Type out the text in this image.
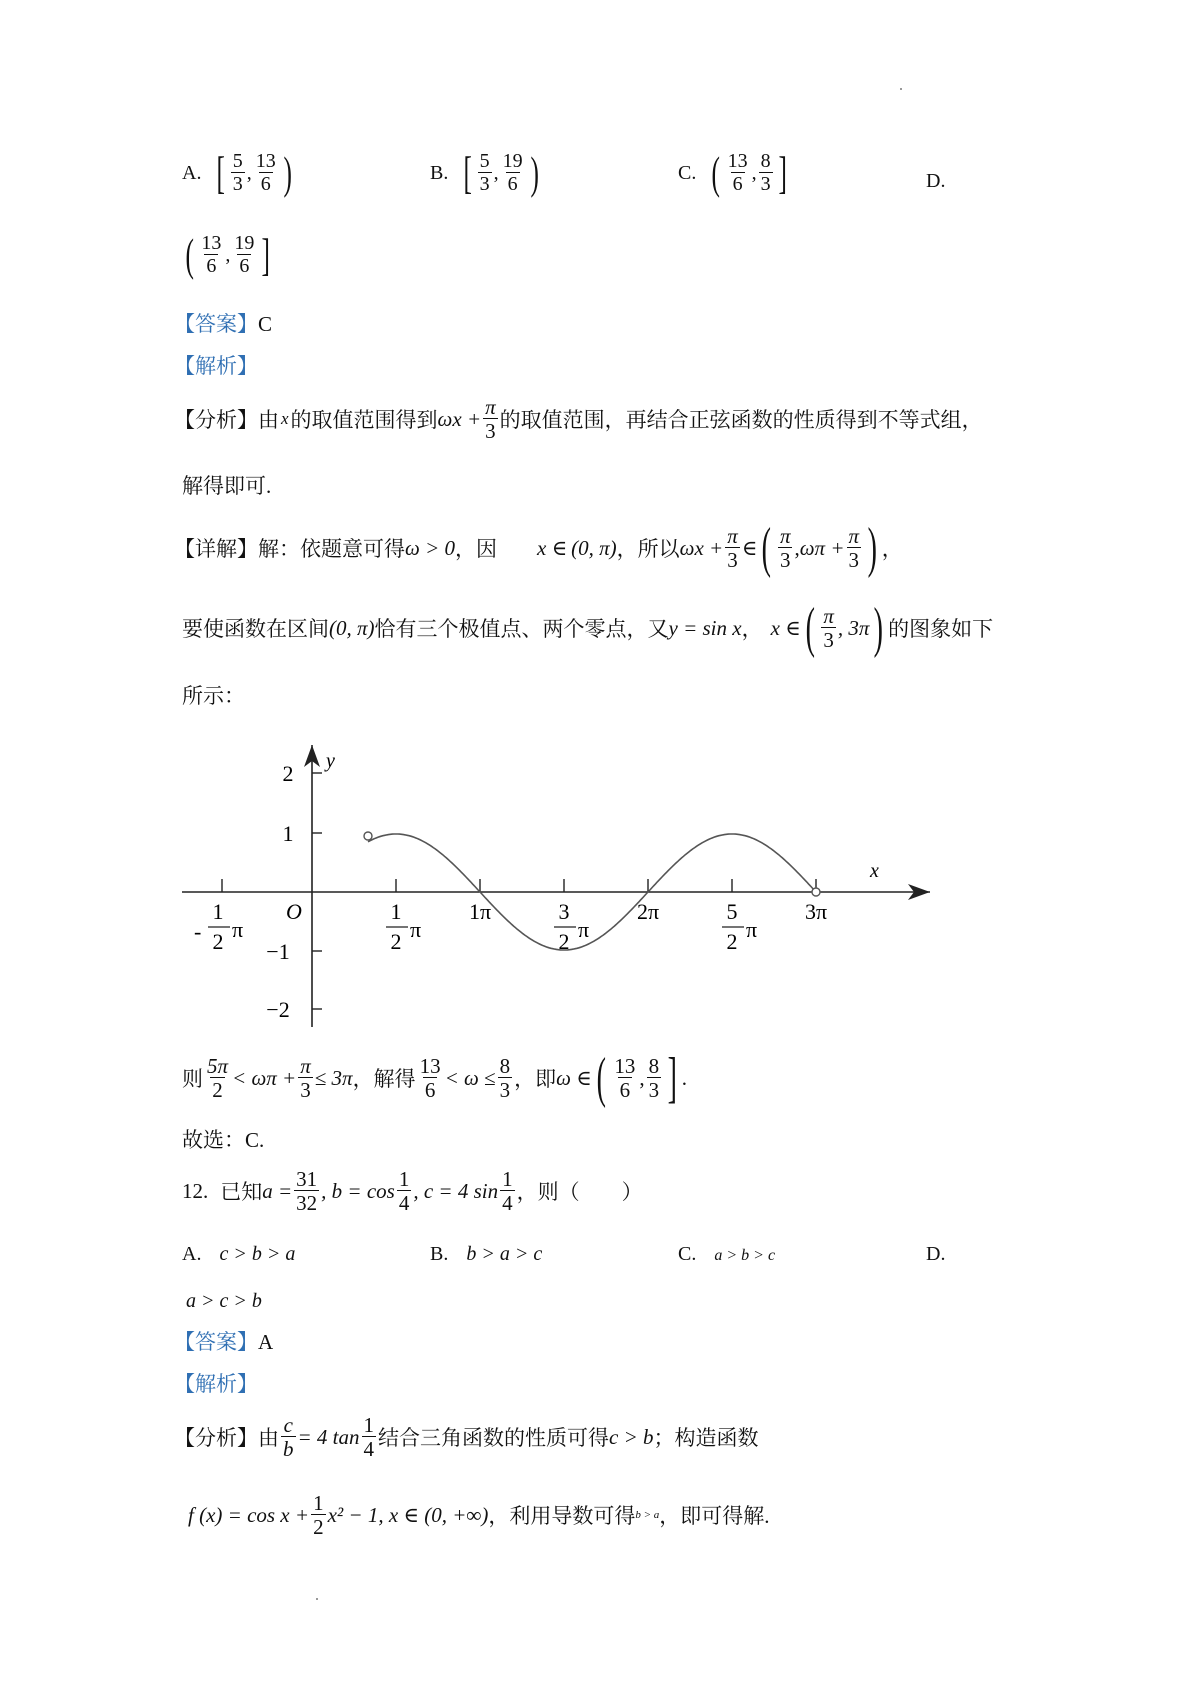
A. [ $\frac{5}{3}$ , $\frac{13}{6}$ )	B. [ $\frac{5}{3}$ , $\frac{19}{6}$ )	C. ( $\frac{13}{6}$ , $\frac{8}{3}$ ]	D.
( $\frac{13}{6}$ , $\frac{19}{6}$ ]
【答案】C
【解析】
【分析】 由 x 的取值范围得到 $\omega x + \frac{\pi}{3}$ 的取值范围，再结合正弦函数的性质得到不等式组，
解得即可.
【详解】 解：依题意可得 ω > 0 ，因 x ∈ (0, π) ，所以 $\omega x + \frac{\pi}{3}$ ∈ ( $\frac{\pi}{3}$ , $\omega\pi + \frac{\pi}{3}$ ) ，
要使函数在区间 (0, π) 恰有三个极值点、两个零点，又 y = sin x ， x ∈ ( $\frac{\pi}{3}$ , 3π ) 的图象如下
所示：
y
x
O
2
1
−1
−2
-
1
2 π
1
2 π
1π	3
2 π
2π	5
2 π
3π
则 $\frac{5\pi}{2} < \omega\pi + \frac{\pi}{3} \le 3\pi$ ，解得 $\frac{13}{6} < \omega \le \frac{8}{3}$ ，即 ω ∈ ( $\frac{13}{6}$ , $\frac{8}{3}$ ] .
故选：C.
12. 已知 $a = \frac{31}{32}$ , $b = \cos \frac{1}{4}$ , c = 4 $\sin \frac{1}{4}$ ，则（　　）
A. c > b > a	B. b > a > c	C. a > b > c	D.
a > c > b
【答案】A
【解析】
【分析】 由 $\frac{c}{b} = 4$ $\tan \frac{1}{4}$ 结合三角函数的性质可得 c > b ；构造函数
f $(x) = \cos x + \frac{1}{2} x^2 - 1$, x ∈ (0, +∞) ，利用导数可得 b > a ，即可得解.
